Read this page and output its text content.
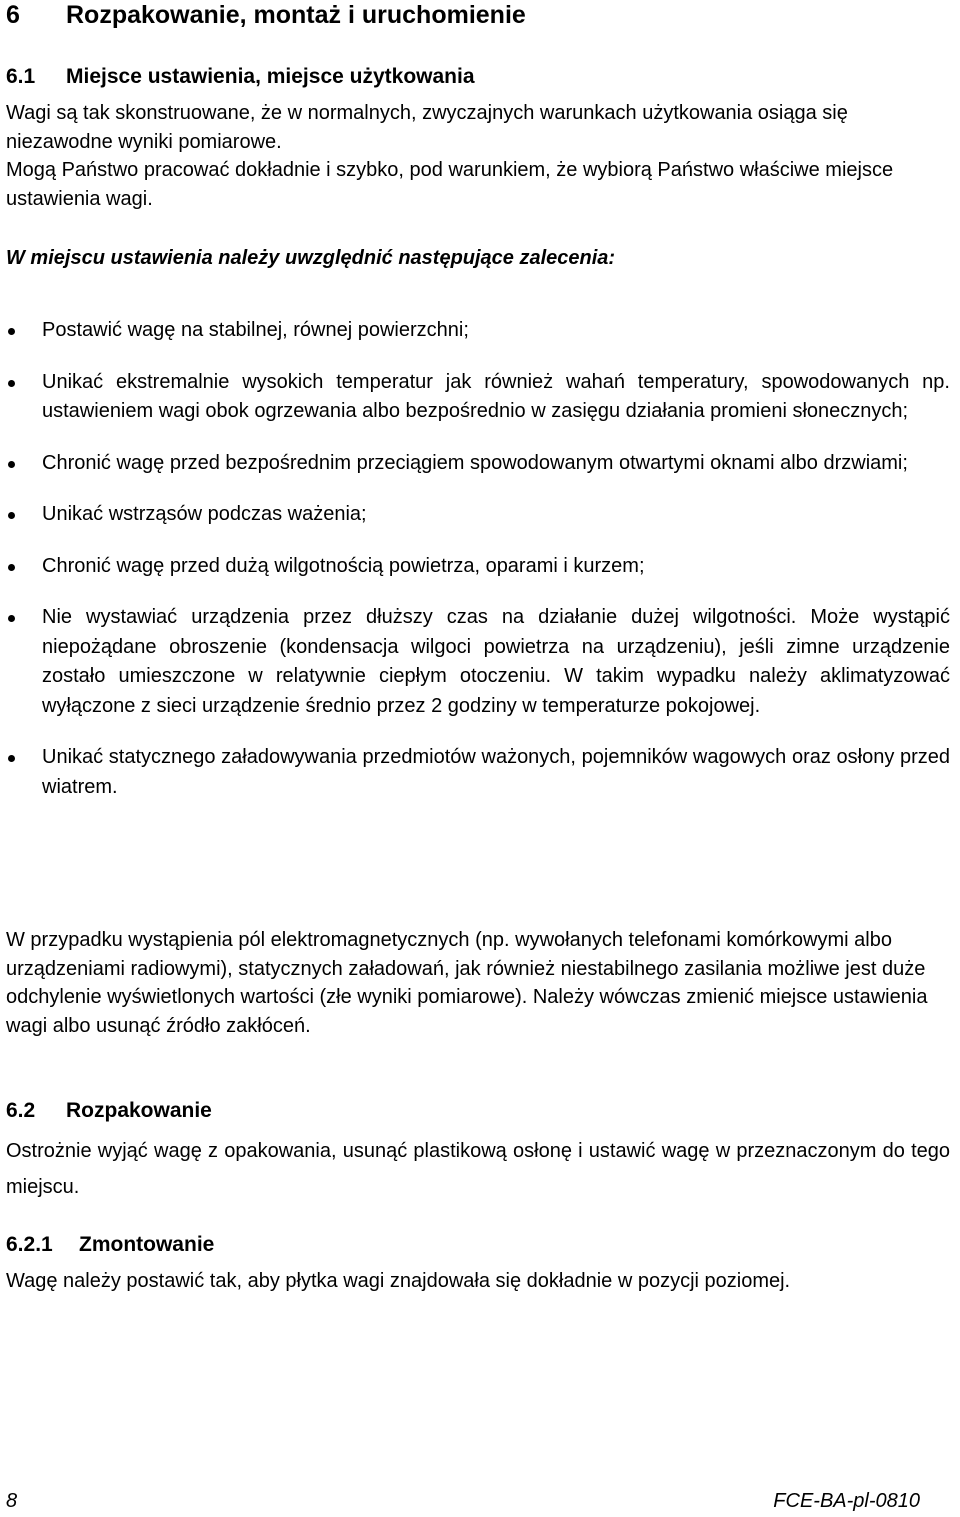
6 Rozpakowanie, montaż i uruchomienie
6.1 Miejsce ustawienia, miejsce użytkowania

Wagi są tak skonstruowane, że w normalnych, zwyczajnych warunkach użytkowania osiąga się niezawodne wyniki pomiarowe.

Mogą Państwo pracować dokładnie i szybko, pod warunkiem, że wybiorą Państwo właściwe miejsce ustawienia wagi.

W miejscu ustawienia należy uwzględnić następujące zalecenia:

Postawić wagę na stabilnej, równej powierzchni;
Unikać ekstremalnie wysokich temperatur jak również wahań temperatury, spowodowanych np. ustawieniem wagi obok ogrzewania albo bezpośrednio w zasięgu działania promieni słonecznych;
Chronić wagę przed bezpośrednim przeciągiem spowodowanym otwartymi oknami albo drzwiami;
Unikać wstrząsów podczas ważenia;
Chronić wagę przed dużą wilgotnością powietrza, oparami i kurzem;
Nie wystawiać urządzenia przez dłuższy czas na działanie dużej wilgotności. Może wystąpić niepożądane obroszenie (kondensacja wilgoci powietrza na urządzeniu), jeśli zimne urządzenie zostało umieszczone w relatywnie ciepłym otoczeniu. W takim wypadku należy aklimatyzować wyłączone z sieci urządzenie średnio przez 2 godziny w temperaturze pokojowej.
Unikać statycznego załadowywania przedmiotów ważonych, pojemników wagowych oraz osłony przed wiatrem.

W przypadku wystąpienia pól elektromagnetycznych (np. wywołanych telefonami komórkowymi albo urządzeniami radiowymi), statycznych załadowań, jak również niestabilnego zasilania możliwe jest duże odchylenie wyświetlonych wartości (złe wyniki pomiarowe). Należy wówczas zmienić miejsce ustawienia wagi albo usunąć źródło zakłóceń.

6.2 Rozpakowanie

Ostrożnie wyjąć wagę z opakowania, usunąć plastikową osłonę i ustawić wagę w przeznaczonym do tego miejscu.

6.2.1 Zmontowanie

Wagę należy postawić tak, aby płytka wagi znajdowała się dokładnie w pozycji poziomej.

8	FCE-BA-pl-0810
